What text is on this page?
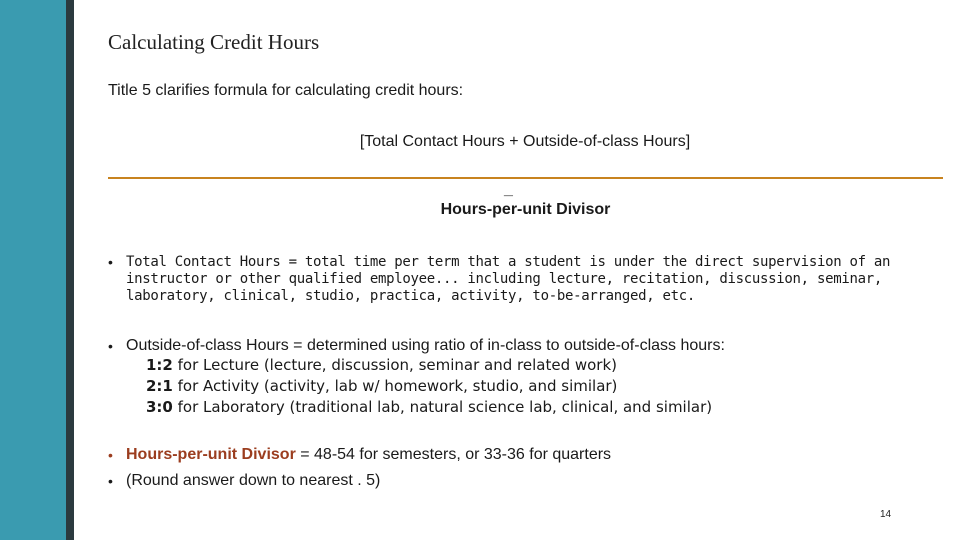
Calculating Credit Hours
Title 5 clarifies formula for calculating credit hours:
[Total Contact Hours + Outside-of-class Hours]
_
Hours-per-unit Divisor
• Total Contact Hours = total time per term that a student is under the direct supervision of an instructor or other qualified employee... including lecture, recitation, discussion, seminar, laboratory, clinical, studio, practica, activity, to-be-arranged, etc.
• Outside-of-class Hours = determined using ratio of in-class to outside-of-class hours:
1:2 for Lecture (lecture, discussion, seminar and related work)
2:1 for Activity (activity, lab w/ homework, studio, and similar)
3:0 for Laboratory (traditional lab, natural science lab, clinical, and similar)
• Hours-per-unit Divisor = 48-54 for semesters, or 33-36 for quarters
• (Round answer down to nearest . 5)
14
